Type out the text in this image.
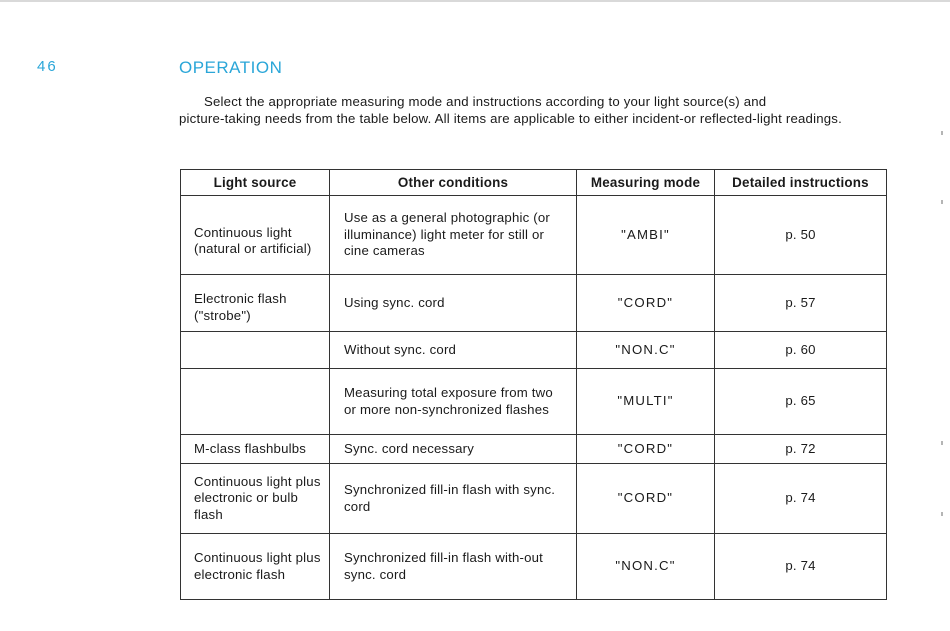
46	OPERATION
Select the appropriate measuring mode and instructions according to your light source(s) and
picture-taking needs from the table below. All items are applicable to either incident-or reflected-light readings.
Light source	Other conditions	Measuring mode	Detailed instructions
Continuous light (natural or artificial)	Use as a general photographic (or illuminance) light meter for still or cine cameras	"AMBI"	p. 50
Electronic flash ("strobe")	Using sync. cord	"CORD"	p. 57
	Without sync. cord	"NON.C"	p. 60
	Measuring total exposure from two or more non-synchronized flashes	"MULTI"	p. 65
M-class flashbulbs	Sync. cord necessary	"CORD"	p. 72
Continuous light plus electronic or bulb flash	Synchronized fill-in flash with sync. cord	"CORD"	p. 74
Continuous light plus electronic flash	Synchronized fill-in flash with-out sync. cord	"NON.C"	p. 74
